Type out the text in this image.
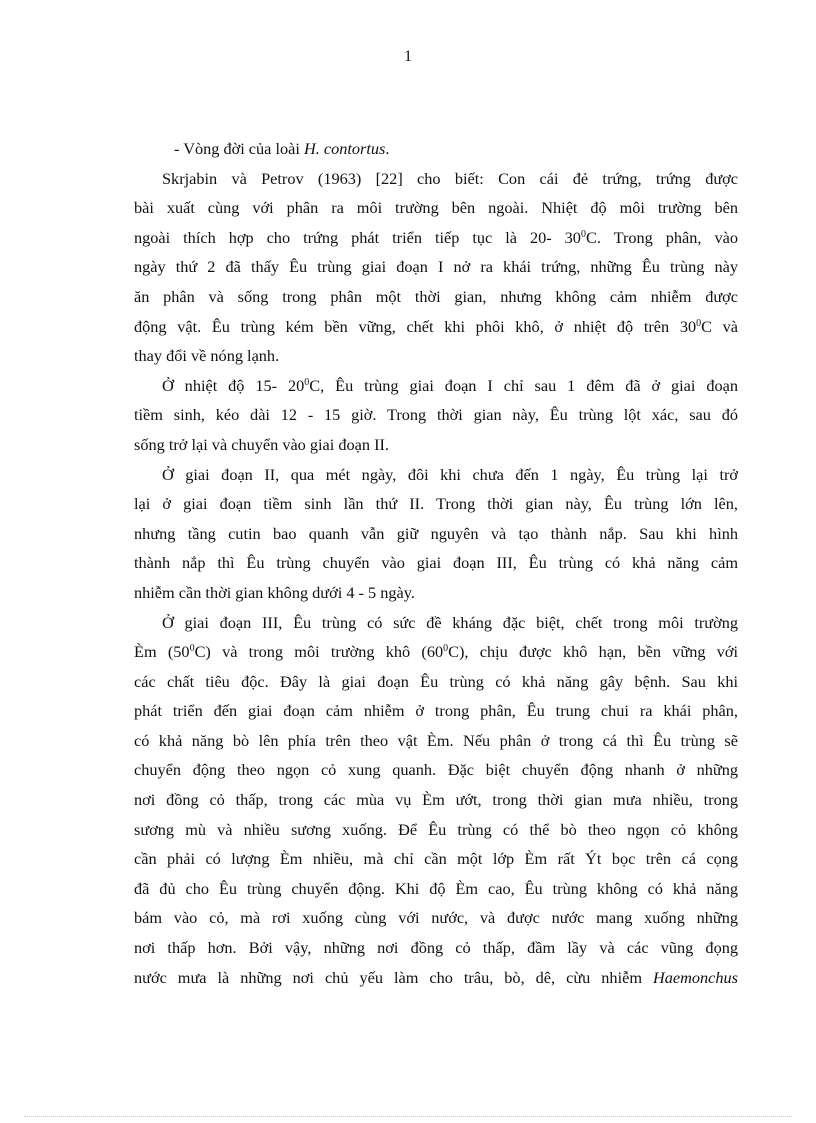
1
- Vòng đời của loài H. contortus.
Skrjabin và Petrov (1963) [22] cho biết: Con cái đẻ trứng, trứng được
bài xuất cùng với phân ra môi trường bên ngoài. Nhiệt độ môi trường bên
ngoài thích hợp cho trứng phát triển tiếp tục là 20- $30^0C$. Trong phân, vào
ngày thứ 2 đã thấy Êu trùng giai đoạn I nở ra khái trứng, những Êu trùng này
ăn phân và sống trong phân một thời gian, nhưng không cảm nhiễm được
động vật. Êu trùng kém bền vững, chết khi phôi khô, ở nhiệt độ trên $30^0C$ và
thay đổi về nóng lạnh.
Ở nhiệt độ 15- $20^0C$, Êu trùng giai đoạn I chỉ sau 1 đêm đã ở giai đoạn
tiềm sinh, kéo dài 12 - 15 giờ. Trong thời gian này, Êu trùng lột xác, sau đó
sống trở lại và chuyển vào giai đoạn II.
Ở giai đoạn II, qua mét ngày, đôi khi chưa đến 1 ngày, Êu trùng lại trở
lại ở giai đoạn tiềm sinh lần thứ II. Trong thời gian này, Êu trùng lớn lên,
nhưng tầng cutin bao quanh vẫn giữ nguyên và tạo thành nắp. Sau khi hình
thành nắp thì Êu trùng chuyển vào giai đoạn III, Êu trùng có khả năng cảm
nhiễm cần thời gian không dưới 4 - 5 ngày.
Ở giai đoạn III, Êu trùng có sức đề kháng đặc biệt, chết trong môi trường
Èm $(50^0C)$ và trong môi trường khô $(60^0C)$, chịu được khô hạn, bền vững với
các chất tiêu độc. Đây là giai đoạn Êu trùng có khả năng gây bệnh. Sau khi
phát triển đến giai đoạn cảm nhiễm ở trong phân, Êu trung chui ra khái phân,
có khả năng bò lên phía trên theo vật Èm. Nếu phân ở trong cá thì Êu trùng sẽ
chuyển động theo ngọn cỏ xung quanh. Đặc biệt chuyển động nhanh ở những
nơi đồng cỏ thấp, trong các mùa vụ Èm ướt, trong thời gian mưa nhiều, trong
sương mù và nhiều sương xuống. Để Êu trùng có thể bò theo ngọn cỏ không
cần phải có lượng Èm nhiều, mà chỉ cần một lớp Èm rất Ýt bọc trên cá cọng
đã đủ cho Êu trùng chuyển động. Khi độ Èm cao, Êu trùng không có khả năng
bám vào cỏ, mà rơi xuống cùng với nước, và được nước mang xuống những
nơi thấp hơn. Bởi vậy, những nơi đồng cỏ thấp, đầm lầy và các vũng đọng
nước mưa là những nơi chủ yếu làm cho trâu, bò, dê, cừu nhiễm Haemonchus
